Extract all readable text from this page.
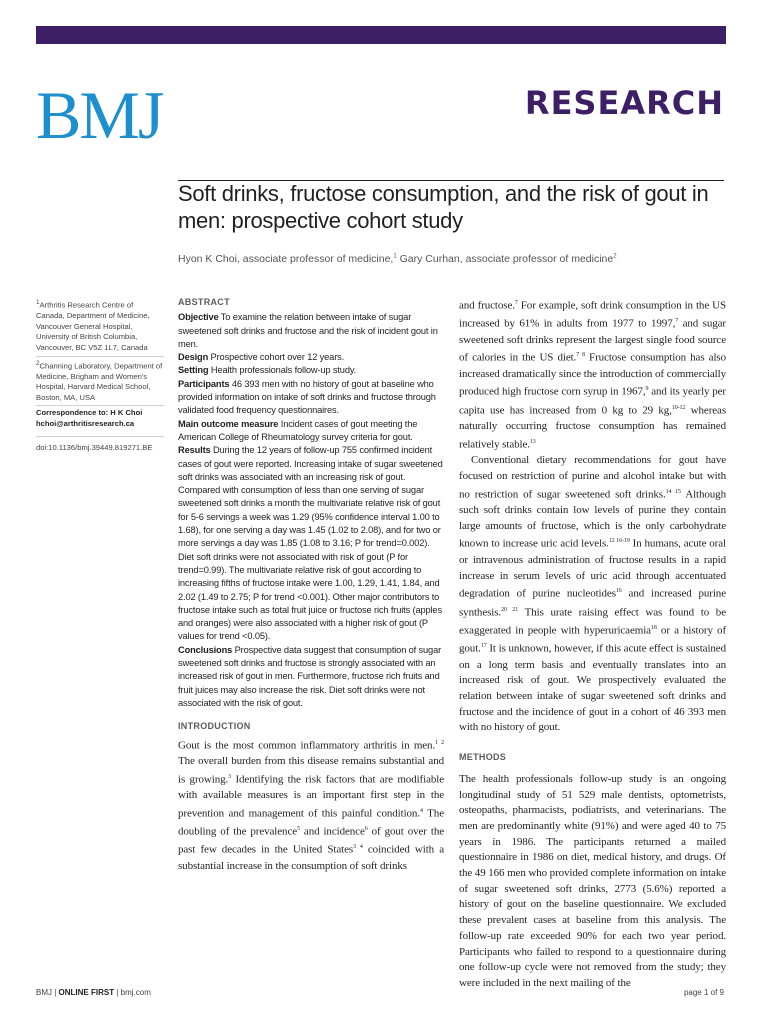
BMJ	RESEARCH
Soft drinks, fructose consumption, and the risk of gout in men: prospective cohort study
Hyon K Choi, associate professor of medicine,$^1$ Gary Curhan, associate professor of medicine$^2$

$^1$Arthritis Research Centre of Canada, Department of Medicine, Vancouver General Hospital, University of British Columbia, Vancouver, BC V5Z 1L7, Canada

$^2$Channing Laboratory, Department of Medicine, Brigham and Women's Hospital, Harvard Medical School, Boston, MA, USA

Correspondence to: H K Choi

hchoi@arthritisresearch.ca

doi:10.1136/bmj.39449.819271.BE

ABSTRACT

Objective To examine the relation between intake of sugar sweetened soft drinks and fructose and the risk of incident gout in men.

Design Prospective cohort over 12 years.

Setting Health professionals follow-up study.

Participants 46 393 men with no history of gout at baseline who provided information on intake of soft drinks and fructose through validated food frequency questionnaires.

Main outcome measure Incident cases of gout meeting the American College of Rheumatology survey criteria for gout.

Results During the 12 years of follow-up 755 confirmed incident cases of gout were reported. Increasing intake of sugar sweetened soft drinks was associated with an increasing risk of gout. Compared with consumption of less than one serving of sugar sweetened soft drinks a month the multivariate relative risk of gout for 5-6 servings a week was 1.29 (95% confidence interval 1.00 to 1.68), for one serving a day was 1.45 (1.02 to 2.08), and for two or more servings a day was 1.85 (1.08 to 3.16; P for trend=0.002). Diet soft drinks were not associated with risk of gout (P for trend=0.99). The multivariate relative risk of gout according to increasing fifths of fructose intake were 1.00, 1.29, 1.41, 1.84, and 2.02 (1.49 to 2.75; P for trend <0.001). Other major contributors to fructose intake such as total fruit juice or fructose rich fruits (apples and oranges) were also associated with a higher risk of gout (P values for trend <0.05).

Conclusions Prospective data suggest that consumption of sugar sweetened soft drinks and fructose is strongly associated with an increased risk of gout in men. Furthermore, fructose rich fruits and fruit juices may also increase the risk. Diet soft drinks were not associated with the risk of gout.

INTRODUCTION

Gout is the most common inflammatory arthritis in men.$^{1 2}$ The overall burden from this disease remains substantial and is growing.$^3$ Identifying the risk factors that are modifiable with available measures is an important first step in the prevention and management of this painful condition.$^4$ The doubling of the prevalence$^5$ and incidence$^6$ of gout over the past few decades in the United States$^{3 4}$ coincided with a substantial increase in the consumption of soft drinks

and fructose.$^7$ For example, soft drink consumption in the US increased by 61% in adults from 1977 to 1997,$^7$ and sugar sweetened soft drinks represent the largest single food source of calories in the US diet.$^{7 8}$ Fructose consumption has also increased dramatically since the introduction of commercially produced high fructose corn syrup in 1967,$^9$ and its yearly per capita use has increased from 0 kg to 29 kg,$^{10-12}$ whereas naturally occurring fructose consumption has remained relatively stable.$^{13}$

Conventional dietary recommendations for gout have focused on restriction of purine and alcohol intake but with no restriction of sugar sweetened soft drinks.$^{14 15}$ Although such soft drinks contain low levels of purine they contain large amounts of fructose, which is the only carbohydrate known to increase uric acid levels.$^{12 16-19}$ In humans, acute oral or intravenous administration of fructose results in a rapid increase in serum levels of uric acid through accentuated degradation of purine nucleotides$^{16}$ and increased purine synthesis.$^{20 21}$ This urate raising effect was found to be exaggerated in people with hyperuricaemia$^{18}$ or a history of gout.$^{17}$ It is unknown, however, if this acute effect is sustained on a long term basis and eventually translates into an increased risk of gout. We prospectively evaluated the relation between intake of sugar sweetened soft drinks and fructose and the incidence of gout in a cohort of 46 393 men with no history of gout.

METHODS

The health professionals follow-up study is an ongoing longitudinal study of 51 529 male dentists, optometrists, osteopaths, pharmacists, podiatrists, and veterinarians. The men are predominantly white (91%) and were aged 40 to 75 years in 1986. The participants returned a mailed questionnaire in 1986 on diet, medical history, and drugs. Of the 49 166 men who provided complete information on intake of sugar sweetened soft drinks, 2773 (5.6%) reported a history of gout on the baseline questionnaire. We excluded these prevalent cases at baseline from this analysis. The follow-up rate exceeded 90% for each two year period. Participants who failed to respond to a questionnaire during one follow-up cycle were not removed from the study; they were included in the next mailing of the

BMJ | ONLINE FIRST | bmj.com	page 1 of 9
